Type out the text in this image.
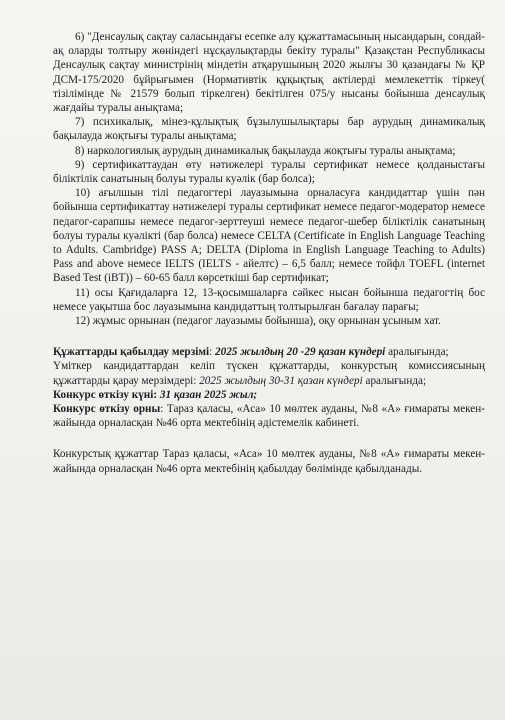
6) "Денсаулық сақтау саласындағы есепке алу құжаттамасының нысандарын, сондай-ақ оларды толтыру жөніндегі нұсқаулықтарды бекіту туралы" Қазақстан Республикасы Денсаулық сақтау министрінің міндетін атқарушының 2020 жылғы 30 қазандағы № ҚР ДСМ-175/2020 бұйрығымен (Нормативтік құқықтық актілерді мемлекеттік тіркеу( тізілімінде № 21579 болып тіркелген) бекітілген 075/у нысаны бойынша денсаулық жағдайы туралы анықтама;

7) психикалық, мінез-құлықтық бұзылушылықтары бар аурудың динамикалық бақылауда жоқтығы туралы анықтама;

8) наркологиялық аурудың динамикалық бақылауда жоқтығы туралы анықтама;

9) сертификаттаудан өту нәтижелері туралы сертификат немесе қолданыстағы біліктілік санатының болуы туралы куәлік (бар болса);

10) ағылшын тілі педагогтері лауазымына орналасуға кандидаттар үшін пән бойынша сертификаттау нәтижелері туралы сертификат немесе педагог-модератор немесе педагог-сарапшы немесе педагог-зерттеуші немесе педагог-шебер біліктілік санатының болуы туралы куәлікті (бар болса) немесе CELTA (Certificate in English Language Teaching to Adults. Cambridge) PASS A; DELTA (Diploma in English Language Teaching to Adults) Pass and above немесе IELTS (IELTS - айелтс) – 6,5 балл; немесе тойфл TOEFL (internet Based Test (iBT)) – 60-65 балл көрсеткіші бар сертификат;

11) осы Қағидаларға 12, 13-қосымшаларға сәйкес нысан бойынша педагогтің бос немесе уақытша бос лауазымына кандидаттың толтырылған бағалау парағы;

12) жұмыс орнынан (педагог лауазымы бойынша), оқу орнынан ұсыным хат.

Құжаттарды қабылдау мерзімі: 2025 жылдың 20 -29 қазан күндері аралығында;

Үміткер кандидаттардан келіп түскен құжаттарды, конкурстың комиссиясының құжаттарды қарау мерзімдері: 2025 жылдың 30-31 қазан күндері аралығында;

Конкурс өткізу күні: 31 қазан 2025 жыл;

Конкурс өткізу орны: Тараз қаласы, «Аса» 10 мөлтек ауданы, №8 «А» ғимараты мекен-жайында орналасқан №46 орта мектебінің әдістемелік кабинеті.

Конкурстық құжаттар Тараз қаласы, «Аса» 10 мөлтек ауданы, №8 «А» ғимараты мекен-жайында орналасқан №46 орта мектебінің қабылдау бөлімінде қабылданады.
